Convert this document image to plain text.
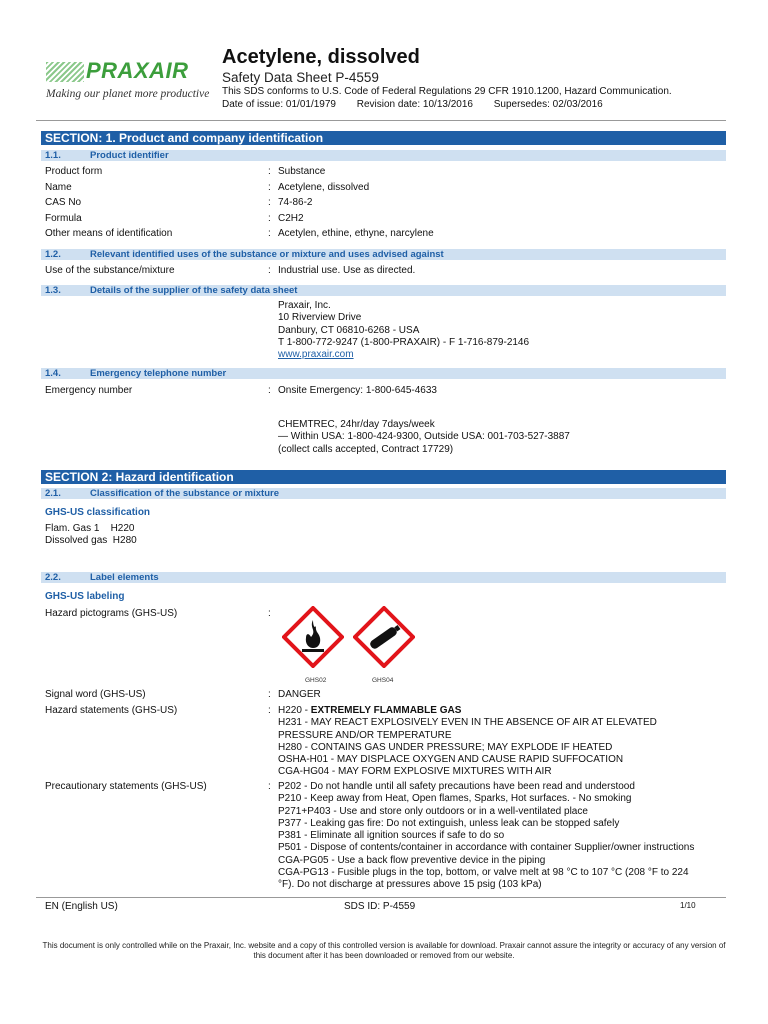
PRAXAIR
Making our planet more productive
Acetylene, dissolved
Safety Data Sheet P-4559
This SDS conforms to U.S. Code of Federal Regulations 29 CFR 1910.1200, Hazard Communication.
Date of issue: 01/01/1979 Revision date: 10/13/2016 Supersedes: 02/03/2016
SECTION: 1. Product and company identification
1.1.	Product identifier
Product form	: Substance
Name	: Acetylene, dissolved
CAS No	: 74-86-2
Formula	: C2H2
Other means of identification	: Acetylen, ethine, ethyne, narcylene
1.2.	Relevant identified uses of the substance or mixture and uses advised against
Use of the substance/mixture	: Industrial use. Use as directed.
1.3.	Details of the supplier of the safety data sheet
Praxair, Inc.
10 Riverview Drive
Danbury, CT 06810-6268 - USA
T 1-800-772-9247 (1-800-PRAXAIR) - F 1-716-879-2146
www.praxair.com
1.4.	Emergency telephone number
Emergency number	: Onsite Emergency: 1-800-645-4633
CHEMTREC, 24hr/day 7days/week
— Within USA: 1-800-424-9300, Outside USA: 001-703-527-3887
(collect calls accepted, Contract 17729)
SECTION 2: Hazard identification
2.1.	Classification of the substance or mixture
GHS-US classification
Flam. Gas 1    H220
Dissolved gas  H280
2.2.	Label elements
GHS-US labeling
Hazard pictograms (GHS-US)	:
GHS02	GHS04
Signal word (GHS-US)	: DANGER
Hazard statements (GHS-US)	: H220 - EXTREMELY FLAMMABLE GAS
H231 - MAY REACT EXPLOSIVELY EVEN IN THE ABSENCE OF AIR AT ELEVATED
PRESSURE AND/OR TEMPERATURE
H280 - CONTAINS GAS UNDER PRESSURE; MAY EXPLODE IF HEATED
OSHA-H01 - MAY DISPLACE OXYGEN AND CAUSE RAPID SUFFOCATION
CGA-HG04 - MAY FORM EXPLOSIVE MIXTURES WITH AIR
Precautionary statements (GHS-US)	: P202 - Do not handle until all safety precautions have been read and understood
P210 - Keep away from Heat, Open flames, Sparks, Hot surfaces. - No smoking
P271+P403 - Use and store only outdoors or in a well-ventilated place
P377 - Leaking gas fire: Do not extinguish, unless leak can be stopped safely
P381 - Eliminate all ignition sources if safe to do so
P501 - Dispose of contents/container in accordance with container Supplier/owner instructions
CGA-PG05 - Use a back flow preventive device in the piping
CGA-PG13 - Fusible plugs in the top, bottom, or valve melt at 98 °C to 107 °C (208 °F to 224
°F). Do not discharge at pressures above 15 psig (103 kPa)
EN (English US)	SDS ID: P-4559	1/10
This document is only controlled while on the Praxair, Inc. website and a copy of this controlled version is available for download. Praxair cannot assure the integrity or accuracy of any version of this document after it has been downloaded or removed from our website.
